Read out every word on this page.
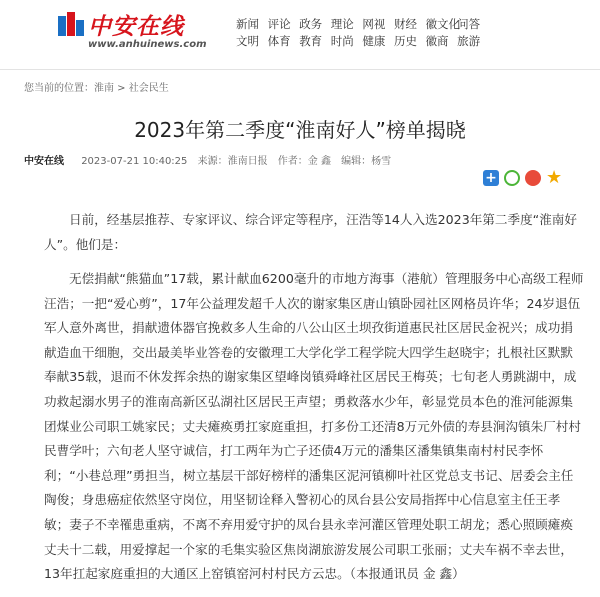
中安在线
www.anhuinews.com
新闻 评论 政务 理论 网视 财经 徽文化
问答
文明 体育 教育 时尚 健康 历史 徽商 旅游
您当前的位置：淮南 > 社会民生
2023年第二季度“淮南好人”榜单揭晓
中安在线 2023-07-21 10:40:25 来源：淮南日报 作者：金 鑫 编辑：杨雪
+	★

日前，经基层推荐、专家评议、综合评定等程序，汪浩等14人入选2023年第二季度“淮南好人”。他们是：

无偿捐献“熊猫血”17载，累计献血6200毫升的市地方海事（港航）管理服务中心高级工程师汪浩；一把“爱心剪”，17年公益理发超千人次的谢家集区唐山镇卧园社区网格员许华；24岁退伍军人意外离世，捐献遗体器官挽救多人生命的八公山区土坝孜街道惠民社区居民金祝兴；成功捐献造血干细胞，交出最美毕业答卷的安徽理工大学化学工程学院大四学生赵晓宇；扎根社区默默奉献35载，退而不休发挥余热的谢家集区望峰岗镇舜峰社区居民王梅英；七旬老人勇跳湖中，成功救起溺水男子的淮南高新区弘湖社区居民王声望；勇救落水少年，彰显党员本色的淮河能源集团煤业公司职工姚家民；丈夫瘫痪勇扛家庭重担，打多份工还清8万元外债的寿县涧沟镇朱厂村村民曹学叶；六旬老人坚守诚信，打工两年为亡子还债4万元的潘集区潘集镇集南村村民李怀利；“小巷总理”勇担当，树立基层干部好榜样的潘集区泥河镇柳叶社区党总支书记、居委会主任陶俊；身患癌症依然坚守岗位，用坚韧诠释入警初心的凤台县公安局指挥中心信息室主任王孝敏；妻子不幸罹患重病，不离不弃用爱守护的凤台县永幸河灌区管理处职工胡龙；悉心照顾瘫痪丈夫十二载，用爱撑起一个家的毛集实验区焦岗湖旅游发展公司职工张丽；丈夫车祸不幸去世，13年扛起家庭重担的大通区上窑镇窑河村村民方云忠。（本报通讯员 金 鑫）
